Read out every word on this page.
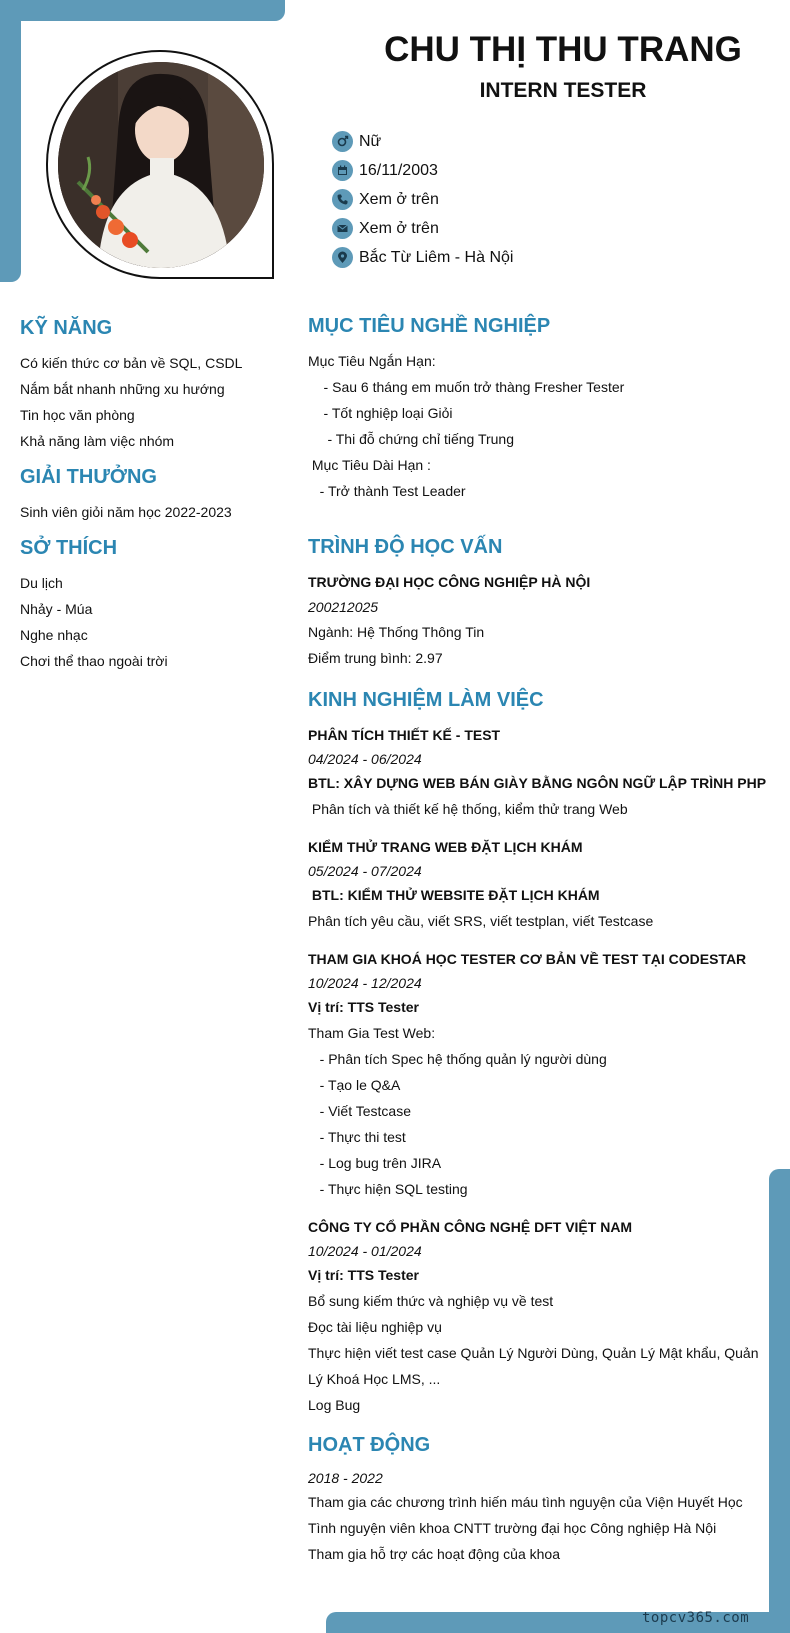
topcv365.com
CHU THỊ THU TRANG
INTERN TESTER
Nữ
16/11/2003
Xem ở trên
Xem ở trên
Bắc Từ Liêm - Hà Nội
KỸ NĂNG
Có kiến thức cơ bản về SQL, CSDL
Nắm bắt nhanh những xu hướng
Tin học văn phòng
Khả năng làm việc nhóm
GIẢI THƯỞNG
Sinh viên giỏi năm học 2022-2023
SỞ THÍCH
Du lịch
Nhảy - Múa
Nghe nhạc
Chơi thể thao ngoài trời
MỤC TIÊU NGHỀ NGHIỆP
Mục Tiêu Ngắn Hạn:
- Sau 6 tháng em muốn trở thàng Fresher Tester
- Tốt nghiệp loại Giỏi
- Thi đỗ chứng chỉ tiếng Trung
Mục Tiêu Dài Hạn :
- Trở thành Test Leader
TRÌNH ĐỘ HỌC VẤN
TRƯỜNG ĐẠI HỌC CÔNG NGHIỆP HÀ NỘI
200212025
Ngành: Hệ Thống Thông Tin
Điểm trung bình: 2.97
KINH NGHIỆM LÀM VIỆC
PHÂN TÍCH THIẾT KẾ - TEST
04/2024 - 06/2024
BTL: XÂY DỰNG WEB BÁN GIÀY BẰNG NGÔN NGỮ LẬP TRÌNH PHP
Phân tích và thiết kế hệ thống, kiểm thử trang Web
KIỂM THỬ TRANG WEB ĐẶT LỊCH KHÁM
05/2024 - 07/2024
BTL: KIỂM THỬ WEBSITE ĐẶT LỊCH KHÁM
Phân tích yêu cầu, viết SRS, viết testplan, viết Testcase
THAM GIA KHOÁ HỌC TESTER CƠ BẢN VỀ TEST TẠI CODESTAR
10/2024 - 12/2024
Vị trí: TTS Tester
Tham Gia Test Web:
- Phân tích Spec hệ thống quản lý người dùng
- Tạo le Q&A
- Viết Testcase
- Thực thi test
- Log bug trên JIRA
- Thực hiện SQL testing
CÔNG TY CỔ PHẦN CÔNG NGHỆ DFT VIỆT NAM
10/2024 - 01/2024
Vị trí: TTS Tester
Bổ sung kiếm thức và nghiệp vụ về test
Đọc tài liệu nghiệp vụ
Thực hiện viết test case Quản Lý Người Dùng, Quản Lý Mật khẩu, Quản Lý Khoá Học LMS, ...
Log Bug
HOẠT ĐỘNG
2018 - 2022
Tham gia các chương trình hiến máu tình nguyện của Viện Huyết Học
Tình nguyện viên khoa CNTT trường đại học Công nghiệp Hà Nội
Tham gia hỗ trợ các hoạt động của khoa
